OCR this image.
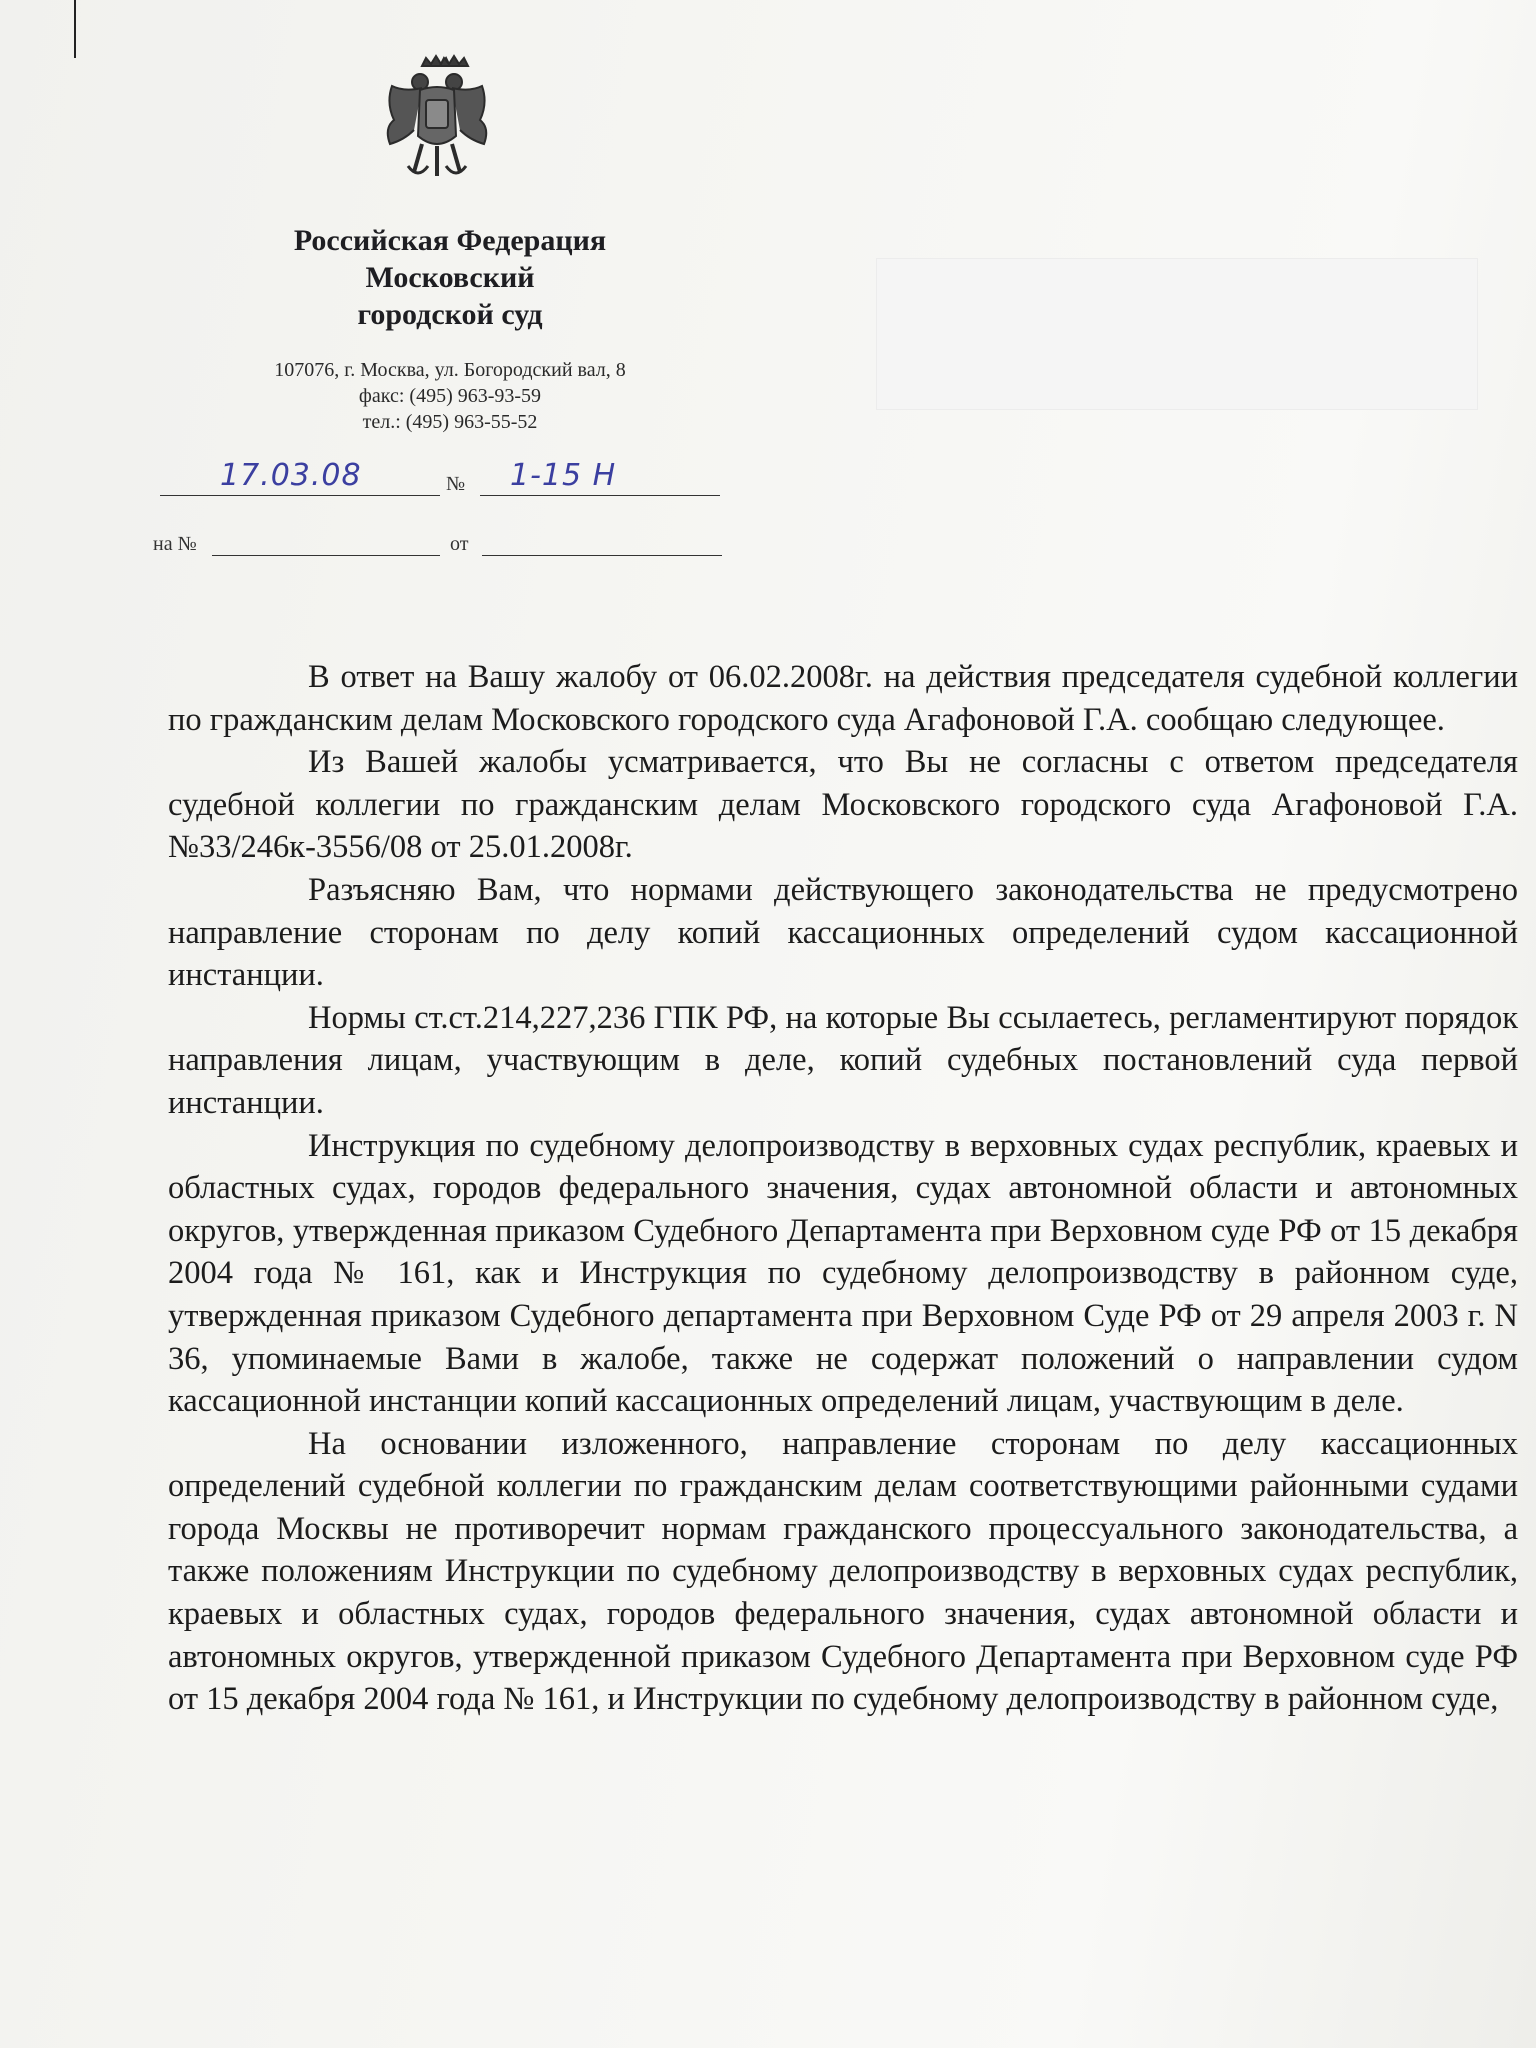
Российская Федерация
Московский
городской суд
107076, г. Москва, ул. Богородский вал, 8
факс: (495) 963-93-59
тел.: (495) 963-55-52
17.03.08	№ 1-15 Н
на №	от

В ответ на Вашу жалобу от 06.02.2008г. на действия председателя судебной коллегии по гражданским делам Московского городского суда Агафоновой Г.А. сообщаю следующее.

Из Вашей жалобы усматривается, что Вы не согласны с ответом председателя судебной коллегии по гражданским делам Московского городского суда Агафоновой Г.А. №33/246к-3556/08 от 25.01.2008г.

Разъясняю Вам, что нормами действующего законодательства не предусмотрено направление сторонам по делу копий кассационных определений судом кассационной инстанции.

Нормы ст.ст.214,227,236 ГПК РФ, на которые Вы ссылаетесь, регламентируют порядок направления лицам, участвующим в деле, копий судебных постановлений суда первой инстанции.

Инструкция по судебному делопроизводству в верховных судах республик, краевых и областных судах, городов федерального значения, судах автономной области и автономных округов, утвержденная приказом Судебного Департамента при Верховном суде РФ от 15 декабря 2004 года № 161, как и Инструкция по судебному делопроизводству в районном суде, утвержденная приказом Судебного департамента при Верховном Суде РФ от 29 апреля 2003 г. N 36, упоминаемые Вами в жалобе, также не содержат положений о направлении судом кассационной инстанции копий кассационных определений лицам, участвующим в деле.

На основании изложенного, направление сторонам по делу кассационных определений судебной коллегии по гражданским делам соответствующими районными судами города Москвы не противоречит нормам гражданского процессуального законодательства, а также положениям Инструкции по судебному делопроизводству в верховных судах республик, краевых и областных судах, городов федерального значения, судах автономной области и автономных округов, утвержденной приказом Судебного Департамента при Верховном суде РФ от 15 декабря 2004 года № 161, и Инструкции по судебному делопроизводству в районном суде,
